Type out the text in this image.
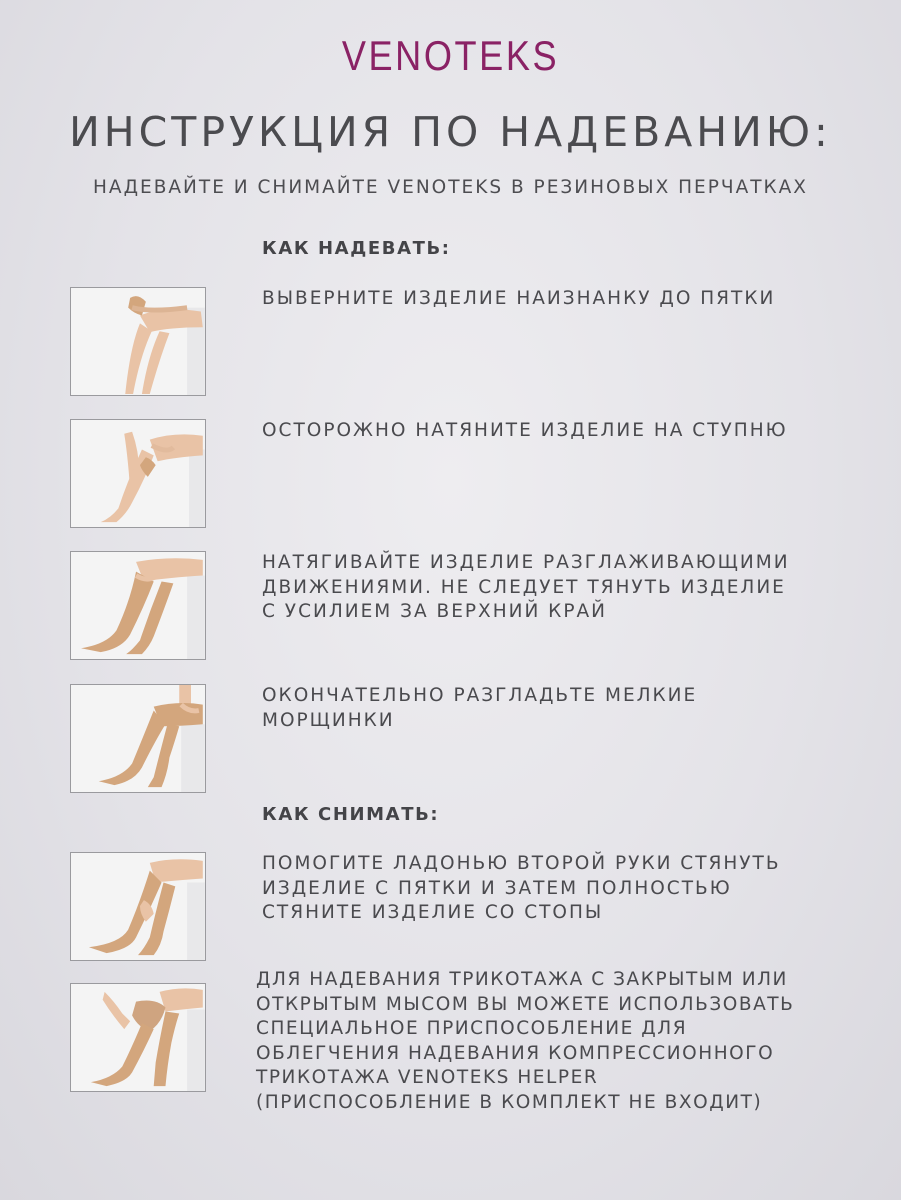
VENOTEKS
ИНСТРУКЦИЯ ПО НАДЕВАНИЮ:
НАДЕВАЙТЕ И СНИМАЙТЕ VENOTEKS В РЕЗИНОВЫХ ПЕРЧАТКАХ
КАК НАДЕВАТЬ:
ВЫВЕРНИТЕ ИЗДЕЛИЕ НАИЗНАНКУ ДО ПЯТКИ
ОСТОРОЖНО НАТЯНИТЕ ИЗДЕЛИЕ НА СТУПНЮ
НАТЯГИВАЙТЕ ИЗДЕЛИЕ РАЗГЛАЖИВАЮЩИМИ
ДВИЖЕНИЯМИ. НЕ СЛЕДУЕТ ТЯНУТЬ ИЗДЕЛИЕ
С УСИЛИЕМ ЗА ВЕРХНИЙ КРАЙ
ОКОНЧАТЕЛЬНО РАЗГЛАДЬТЕ МЕЛКИЕ
МОРЩИНКИ
КАК СНИМАТЬ:
ПОМОГИТЕ ЛАДОНЬЮ ВТОРОЙ РУКИ СТЯНУТЬ
ИЗДЕЛИЕ С ПЯТКИ И ЗАТЕМ ПОЛНОСТЬЮ
СТЯНИТЕ ИЗДЕЛИЕ СО СТОПЫ
ДЛЯ НАДЕВАНИЯ ТРИКОТАЖА С ЗАКРЫТЫМ ИЛИ
ОТКРЫТЫМ МЫСОМ ВЫ МОЖЕТЕ ИСПОЛЬЗОВАТЬ
СПЕЦИАЛЬНОЕ ПРИСПОСОБЛЕНИЕ ДЛЯ
ОБЛЕГЧЕНИЯ НАДЕВАНИЯ КОМПРЕССИОННОГО
ТРИКОТАЖА VENOTEKS HELPER
(ПРИСПОСОБЛЕНИЕ В КОМПЛЕКТ НЕ ВХОДИТ)
